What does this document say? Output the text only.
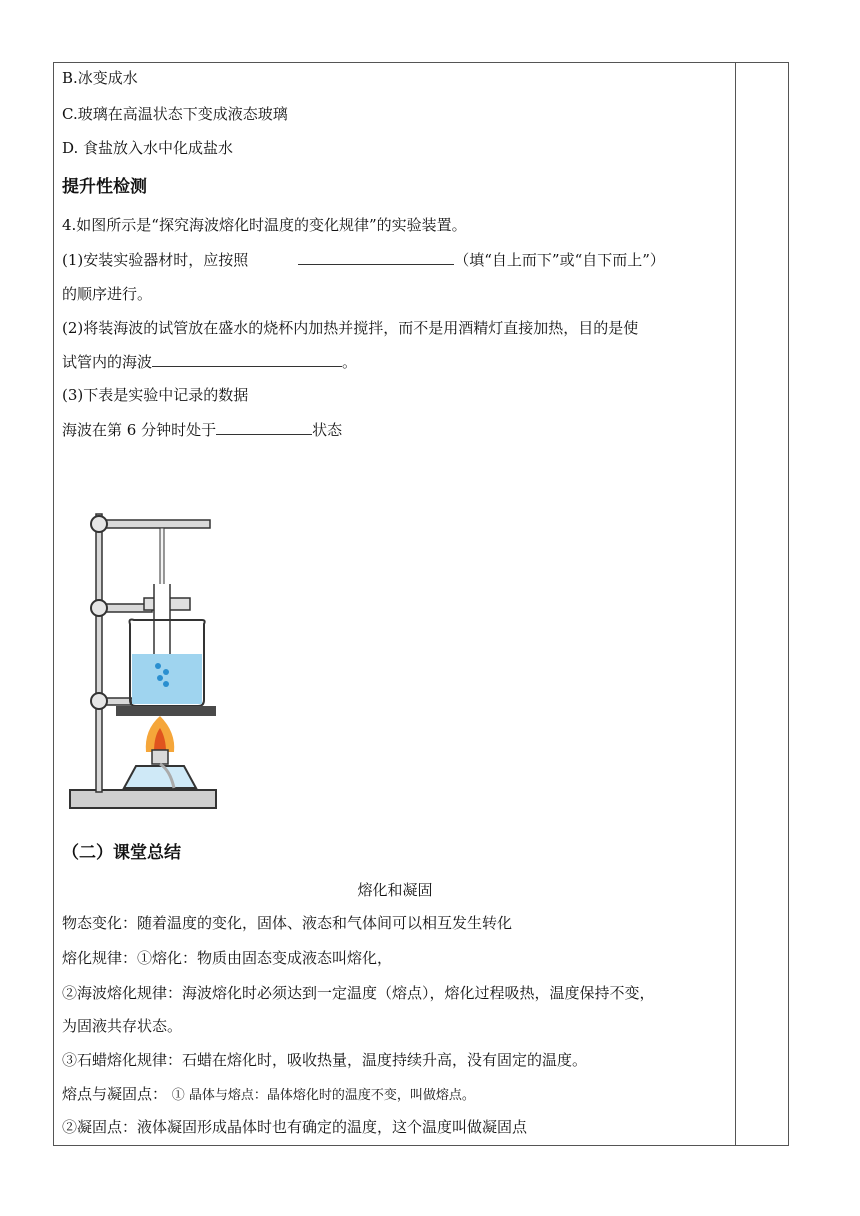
B.冰变成水
C.玻璃在高温状态下变成液态玻璃
D. 食盐放入水中化成盐水
提升性检测
4.如图所示是“探究海波熔化时温度的变化规律”的实验装置。
(1)安装实验器材时，应按照	（填“自上而下”或“自下而上”）
的顺序进行。
(2)将装海波的试管放在盛水的烧杯内加热并搅拌，而不是用酒精灯直接加热，目的是使
试管内的海波	。
(3)下表是实验中记录的数据
海波在第 6 分钟时处于	状态
（二）课堂总结
熔化和凝固
物态变化：随着温度的变化，固体、液态和气体间可以相互发生转化
熔化规律：①熔化：物质由固态变成液态叫熔化，
②海波熔化规律：海波熔化时必须达到一定温度（熔点），熔化过程吸热，温度保持不变，
为固液共存状态。
③石蜡熔化规律：石蜡在熔化时，吸收热量，温度持续升高，没有固定的温度。
熔点与凝固点： ① 晶体与熔点：晶体熔化时的温度不变，叫做熔点。
②凝固点：液体凝固形成晶体时也有确定的温度，这个温度叫做凝固点
